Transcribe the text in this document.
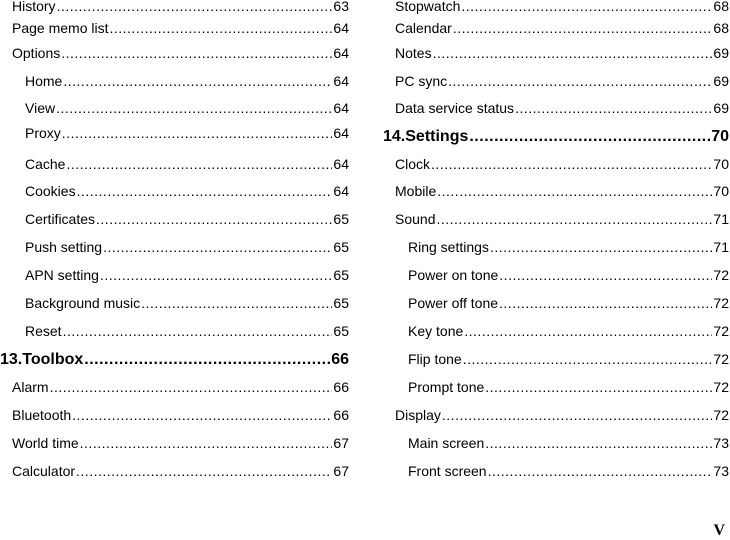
History .....	63
Page memo list .....	64
Options .....	64
Home .....	64
View .....	64
Proxy .....	64
Cache .....	64
Cookies .....	64
Certificates .....	65
Push setting .....	65
APN setting .....	65
Background music .....	65
Reset .....	65
13.Toolbox .....	66
Alarm .....	66
Bluetooth .....	66
World time .....	67
Calculator .....	67
Stopwatch .....	68
Calendar .....	68
Notes .....	69
PC sync .....	69
Data service status .....	69
14.Settings .....	70
Clock .....	70
Mobile .....	70
Sound .....	71
Ring settings .....	71
Power on tone .....	72
Power off tone .....	72
Key tone .....	72
Flip tone .....	72
Prompt tone .....	72
Display .....	72
Main screen .....	73
Front screen .....	73
V
